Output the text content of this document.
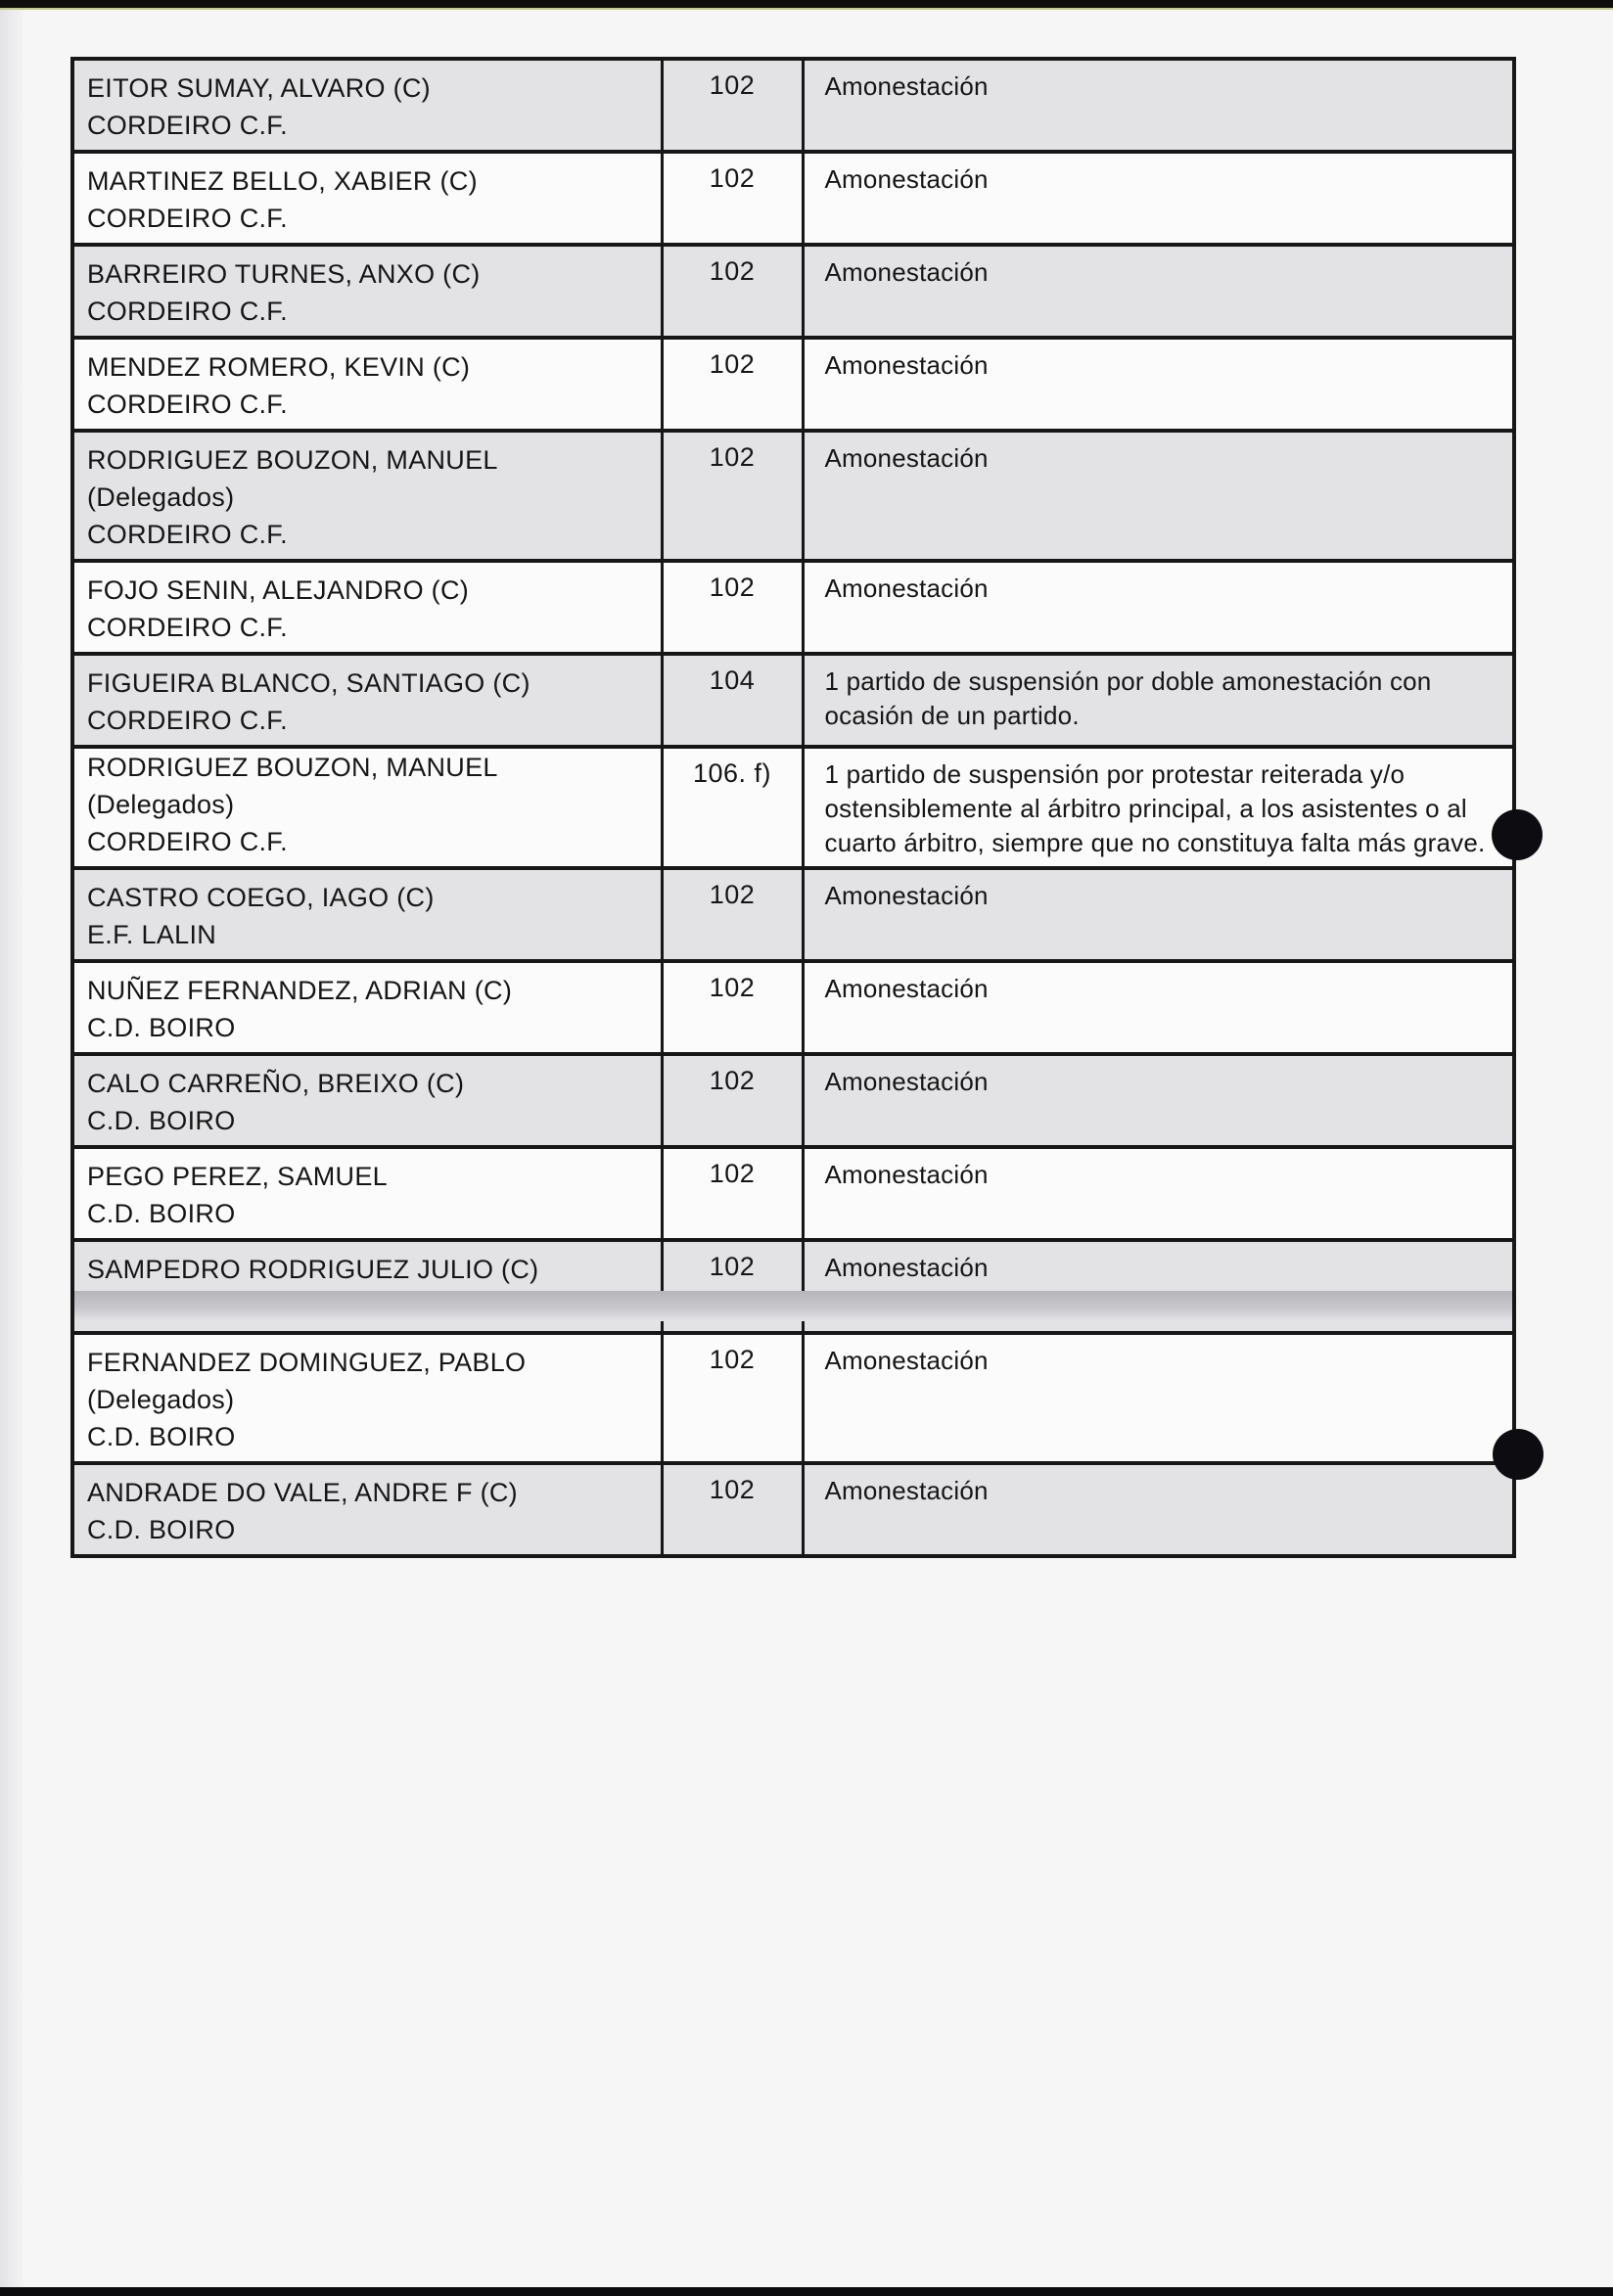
EITOR SUMAY, ALVARO (C)
CORDEIRO C.F.	102	Amonestación

MARTINEZ BELLO, XABIER (C)
CORDEIRO C.F.	102	Amonestación

BARREIRO TURNES, ANXO (C)
CORDEIRO C.F.	102	Amonestación

MENDEZ ROMERO, KEVIN (C)
CORDEIRO C.F.	102	Amonestación

RODRIGUEZ BOUZON, MANUEL (Delegados)
CORDEIRO C.F.	102	Amonestación

FOJO SENIN, ALEJANDRO (C)
CORDEIRO C.F.	102	Amonestación

FIGUEIRA BLANCO, SANTIAGO (C)
CORDEIRO C.F.	104	1 partido de suspensión por doble amonestación con ocasión de un partido.

RODRIGUEZ BOUZON, MANUEL (Delegados)
CORDEIRO C.F.	106. f)	1 partido de suspensión por protestar reiterada y/o ostensiblemente al árbitro principal, a los asistentes o al cuarto árbitro, siempre que no constituya falta más grave.

CASTRO COEGO, IAGO (C)
E.F. LALIN	102	Amonestación

NUÑEZ FERNANDEZ, ADRIAN (C)
C.D. BOIRO	102	Amonestación

CALO CARREÑO, BREIXO (C)
C.D. BOIRO	102	Amonestación

PEGO PEREZ, SAMUEL
C.D. BOIRO	102	Amonestación

SAMPEDRO RODRIGUEZ JULIO (C)	102	Amonestación

FERNANDEZ DOMINGUEZ, PABLO (Delegados)
C.D. BOIRO	102	Amonestación

ANDRADE DO VALE, ANDRE F (C)
C.D. BOIRO	102	Amonestación
